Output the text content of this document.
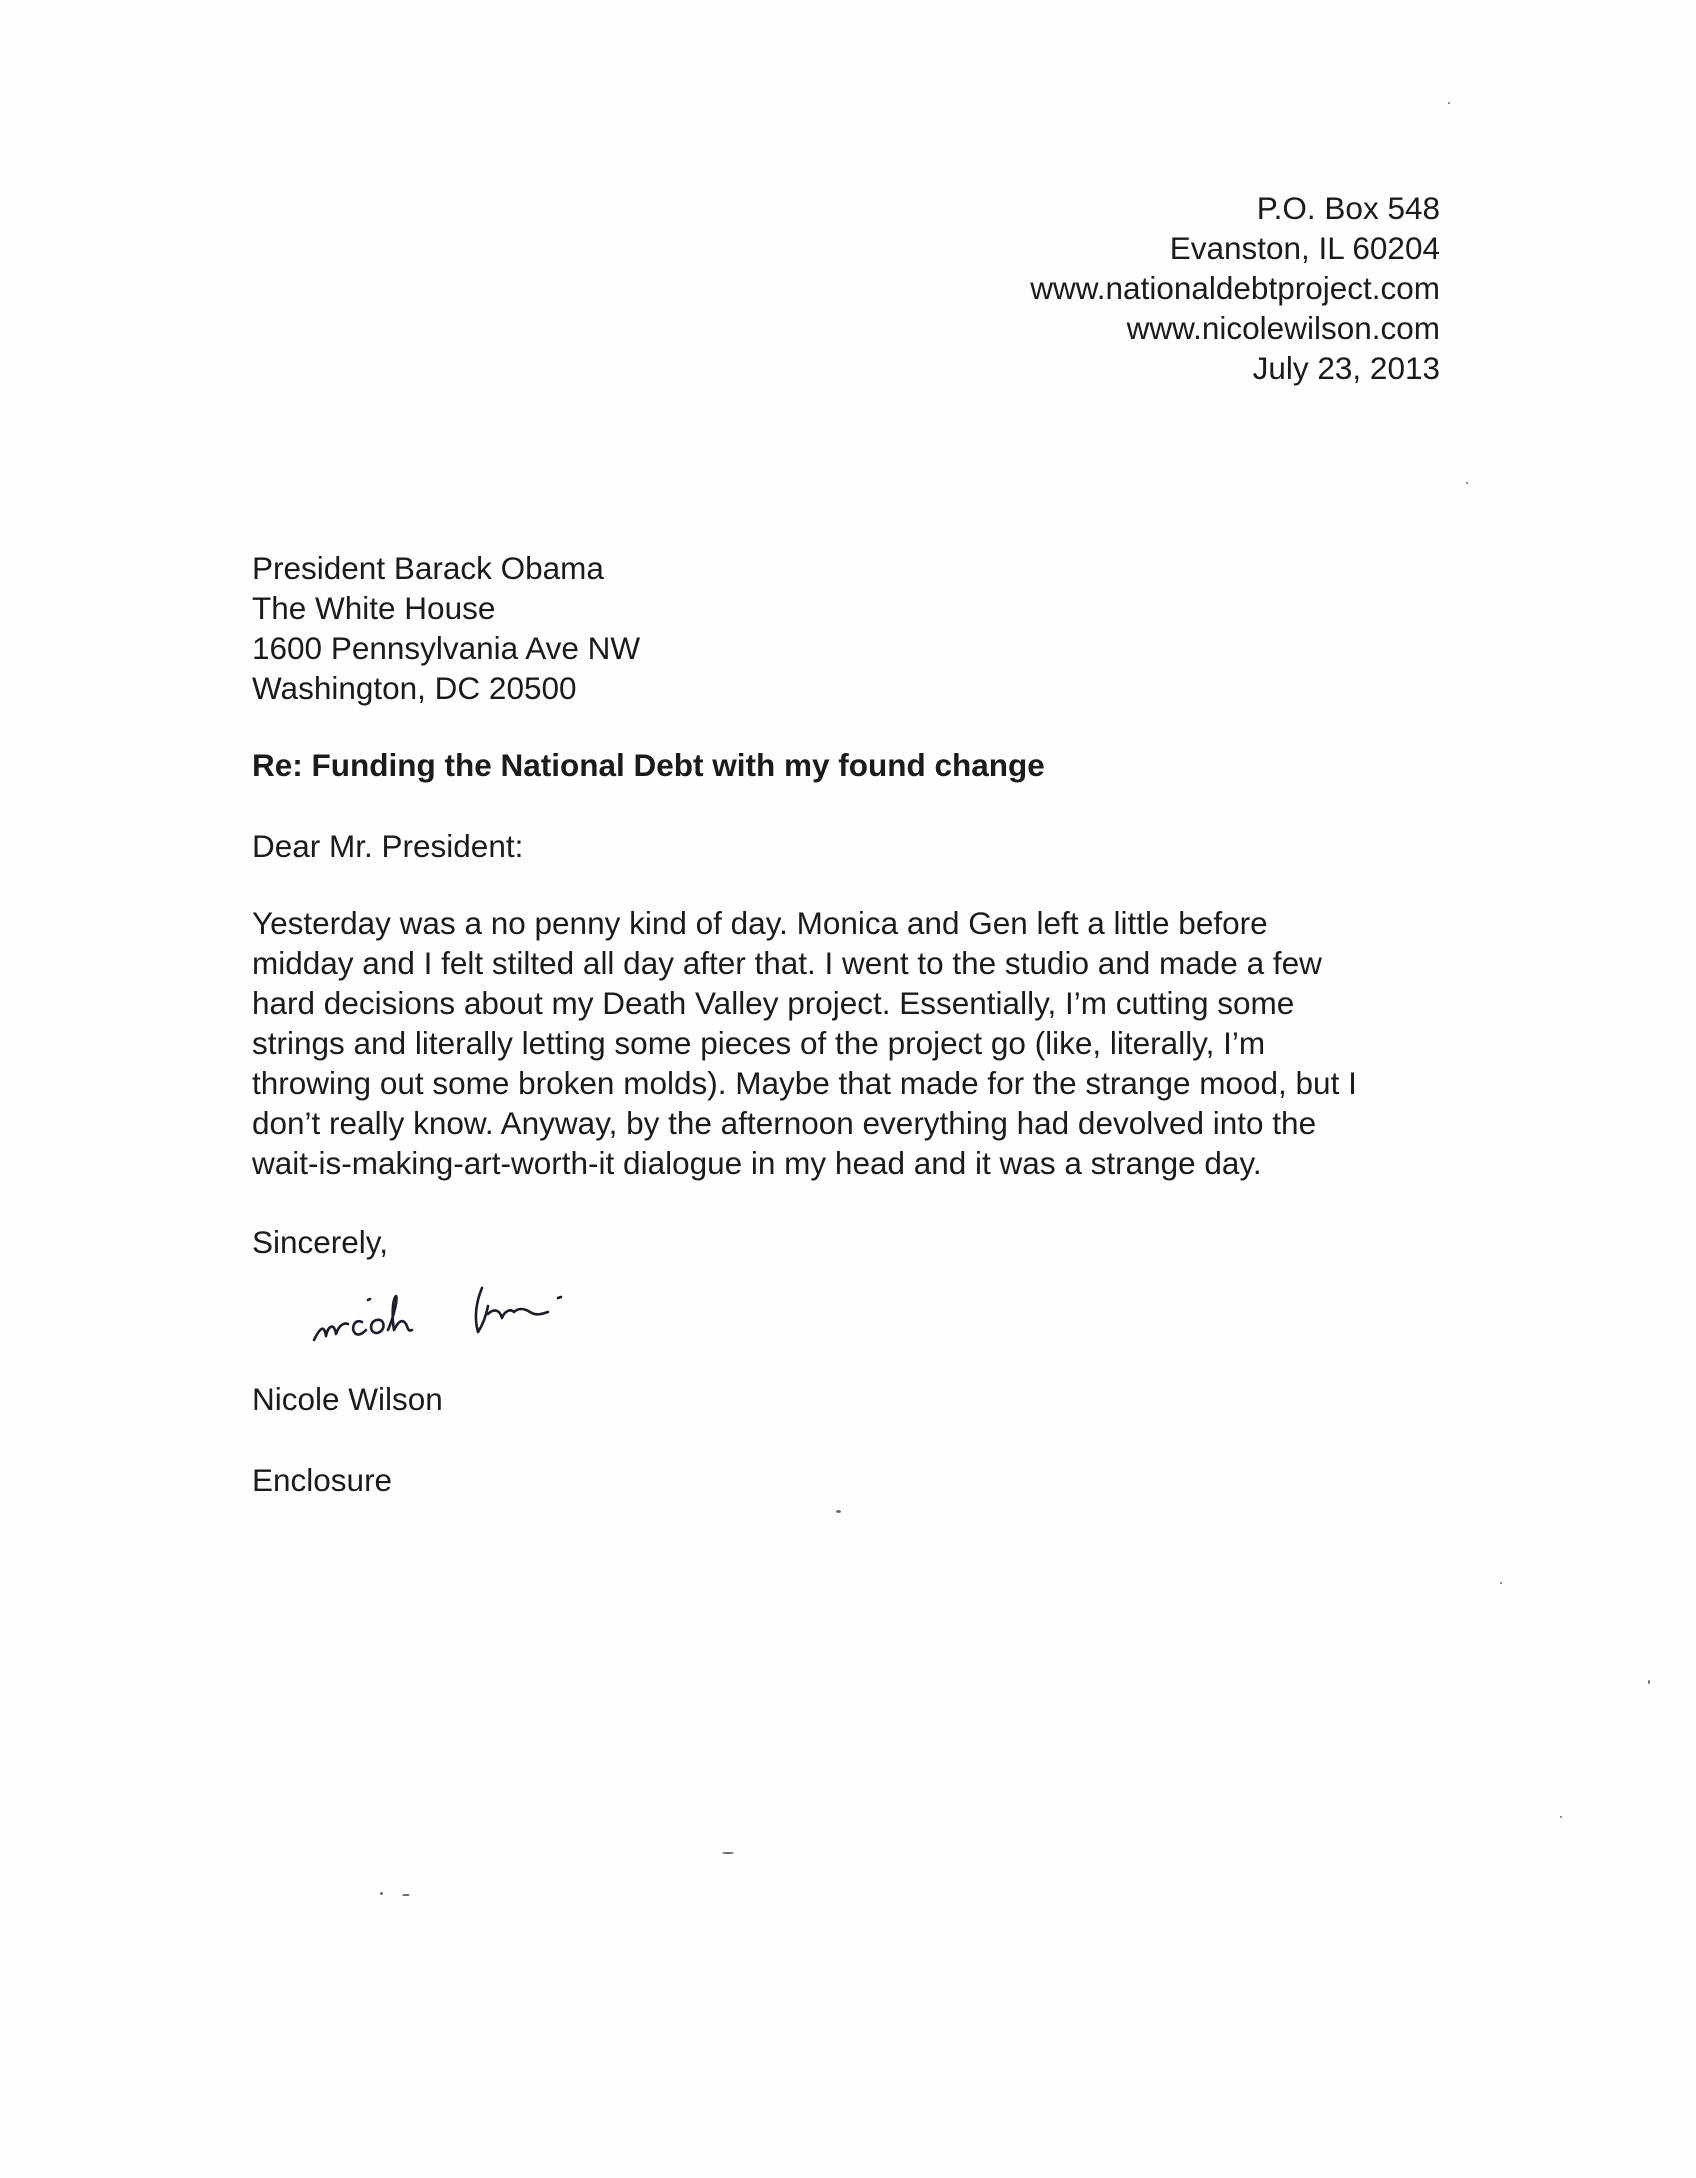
P.O. Box 548
Evanston, IL 60204
www.nationaldebtproject.com
www.nicolewilson.com
July 23, 2013
President Barack Obama
The White House
1600 Pennsylvania Ave NW
Washington, DC 20500

Re: Funding the National Debt with my found change

Dear Mr. President:
Yesterday was a no penny kind of day. Monica and Gen left a little before
midday and I felt stilted all day after that. I went to the studio and made a few
hard decisions about my Death Valley project. Essentially, I’m cutting some
strings and literally letting some pieces of the project go (like, literally, I’m
throwing out some broken molds). Maybe that made for the strange mood, but I
don’t really know. Anyway, by the afternoon everything had devolved into the
wait-is-making-art-worth-it dialogue in my head and it was a strange day.
Sincerely,
Nicole Wilson
Enclosure
